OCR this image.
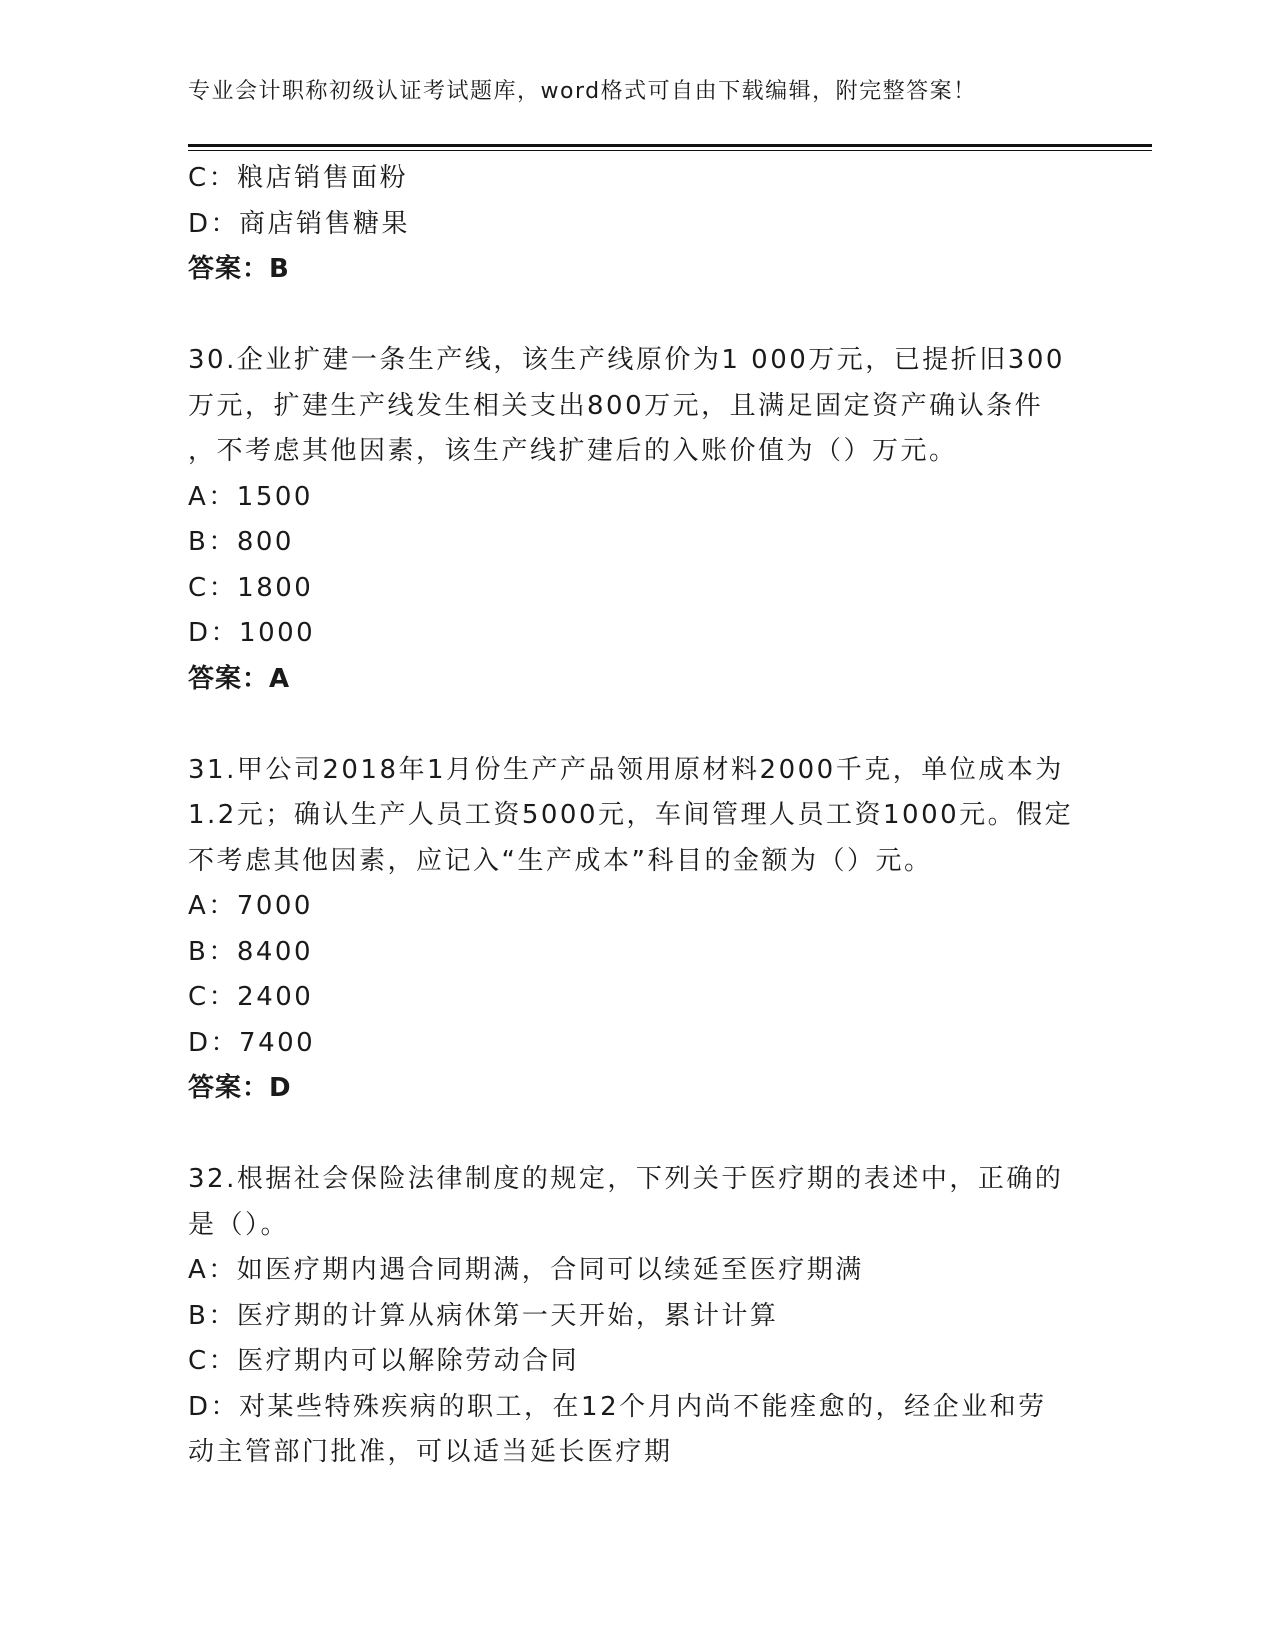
专业会计职称初级认证考试题库，word格式可自由下载编辑，附完整答案！
C：粮店销售面粉
D：商店销售糖果
答案：B
30.企业扩建一条生产线，该生产线原价为1 000万元，已提折旧300
万元，扩建生产线发生相关支出800万元，且满足固定资产确认条件
，不考虑其他因素，该生产线扩建后的入账价值为（）万元。
A：1500
B：800
C：1800
D：1000
答案：A
31.甲公司2018年1月份生产产品领用原材料2000千克，单位成本为
1.2元；确认生产人员工资5000元，车间管理人员工资1000元。假定
不考虑其他因素，应记入“生产成本”科目的金额为（）元。
A：7000
B：8400
C：2400
D：7400
答案：D
32.根据社会保险法律制度的规定，下列关于医疗期的表述中，正确的
是（）。
A：如医疗期内遇合同期满，合同可以续延至医疗期满
B：医疗期的计算从病休第一天开始，累计计算
C：医疗期内可以解除劳动合同
D：对某些特殊疾病的职工，在12个月内尚不能痊愈的，经企业和劳
动主管部门批准，可以适当延长医疗期
